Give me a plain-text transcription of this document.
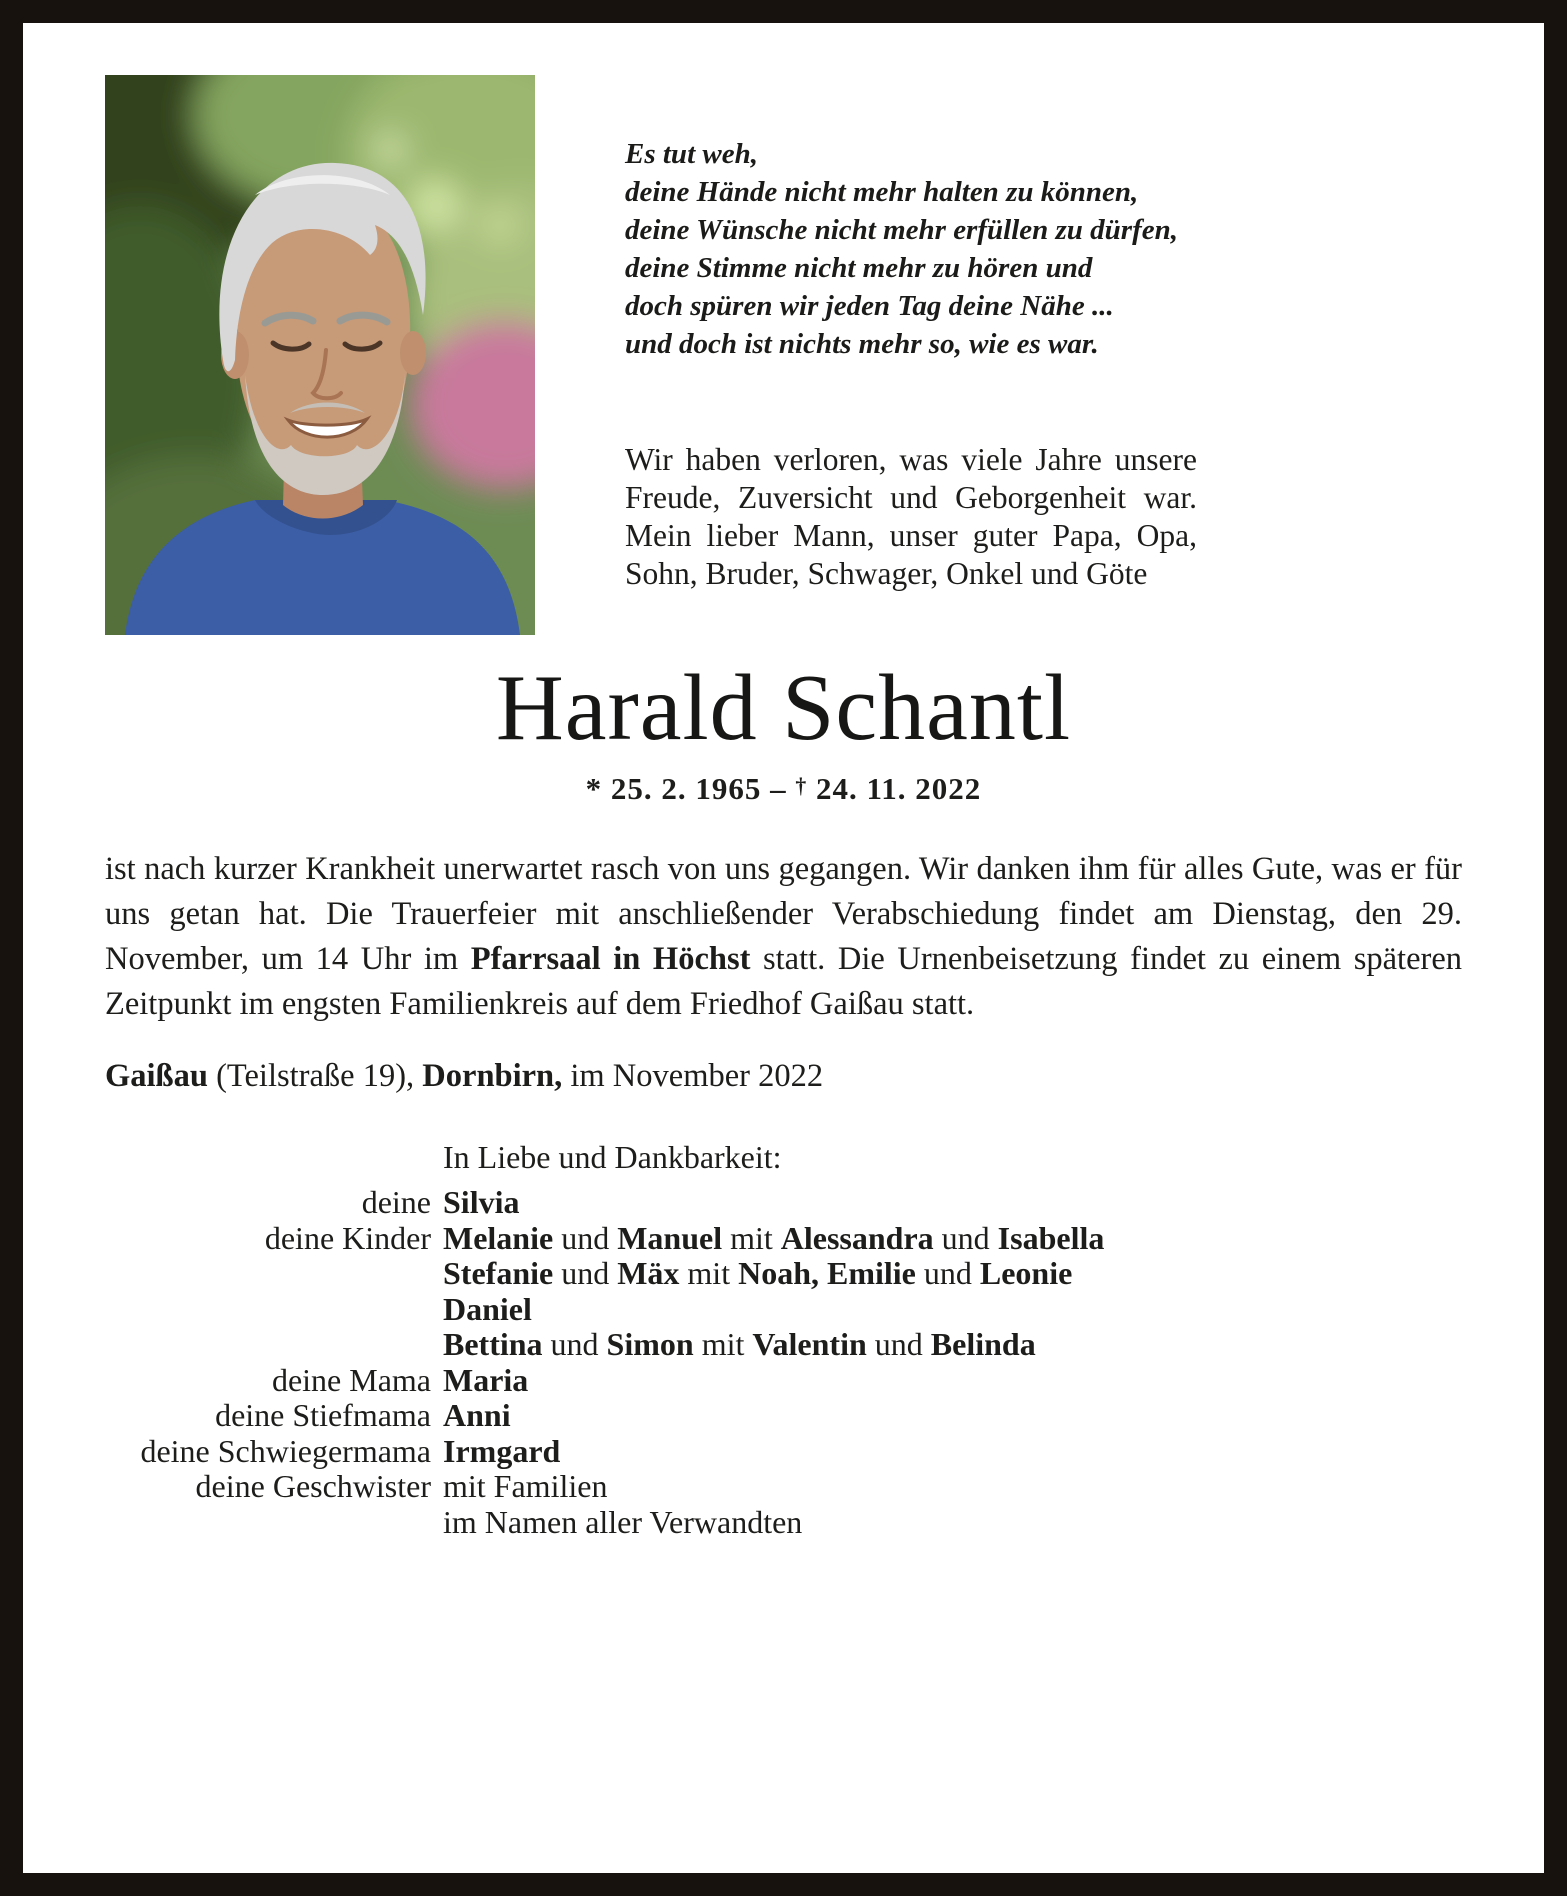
Es tut weh,
deine Hände nicht mehr halten zu können,
deine Wünsche nicht mehr erfüllen zu dürfen,
deine Stimme nicht mehr zu hören und
doch spüren wir jeden Tag deine Nähe ...
und doch ist nichts mehr so, wie es war.

Wir haben verloren, was viele Jahre unsere Freude, Zuversicht und Geborgenheit war. Mein lieber Mann, unser guter Papa, Opa, Sohn, Bruder, Schwager, Onkel und Göte

Harald Schantl
* 25. 2. 1965 – † 24. 11. 2022

ist nach kurzer Krankheit unerwartet rasch von uns gegangen. Wir danken ihm für alles Gute, was er für uns getan hat. Die Trauerfeier mit anschließender Verabschiedung findet am Dienstag, den 29. November, um 14 Uhr im Pfarrsaal in Höchst statt. Die Urnenbeisetzung findet zu einem späteren Zeitpunkt im engsten Familienkreis auf dem Friedhof Gaißau statt.

Gaißau (Teilstraße 19), Dornbirn, im November 2022

In Liebe und Dankbarkeit:

deine Silvia
deine Kinder Melanie und Manuel mit Alessandra und Isabella
Stefanie und Mäx mit Noah, Emilie und Leonie
Daniel
Bettina und Simon mit Valentin und Belinda
deine Mama Maria
deine Stiefmama Anni
deine Schwiegermama Irmgard
deine Geschwister mit Familien
im Namen aller Verwandten
